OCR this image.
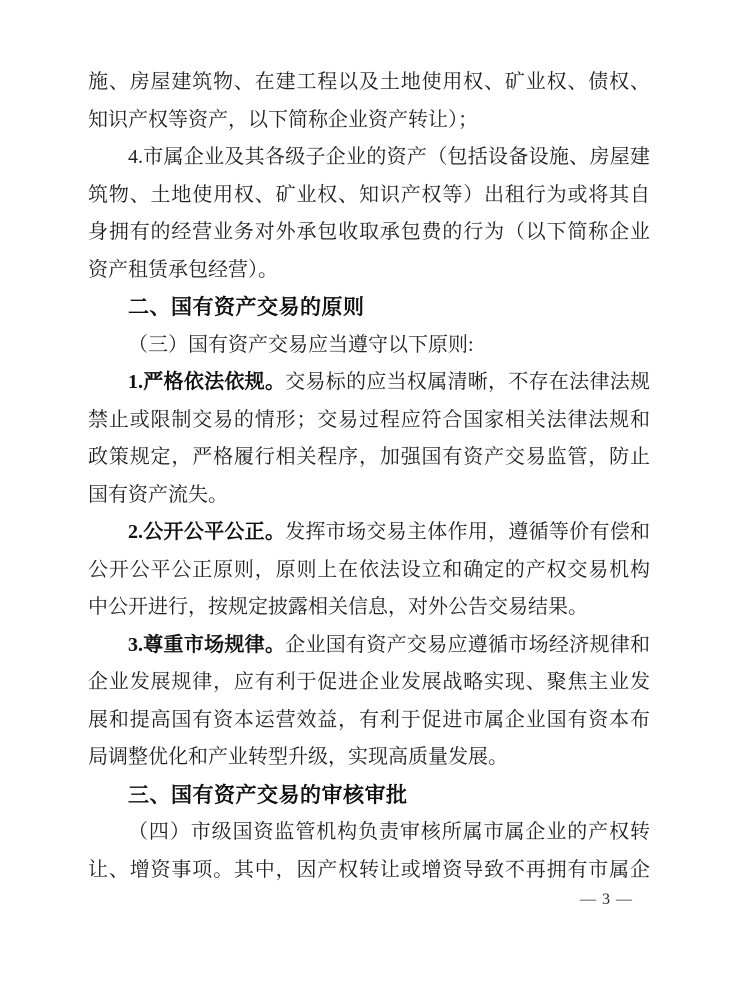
施、房屋建筑物、在建工程以及土地使用权、矿业权、债权、
知识产权等资产，以下简称企业资产转让）；
4.市属企业及其各级子企业的资产（包括设备设施、房屋建
筑物、土地使用权、矿业权、知识产权等）出租行为或将其自
身拥有的经营业务对外承包收取承包费的行为（以下简称企业
资产租赁承包经营）。
二、国有资产交易的原则
（三）国有资产交易应当遵守以下原则:
1.严格依法依规。交易标的应当权属清晰，不存在法律法规
禁止或限制交易的情形；交易过程应符合国家相关法律法规和
政策规定，严格履行相关程序，加强国有资产交易监管，防止
国有资产流失。
2.公开公平公正。发挥市场交易主体作用，遵循等价有偿和
公开公平公正原则，原则上在依法设立和确定的产权交易机构
中公开进行，按规定披露相关信息，对外公告交易结果。
3.尊重市场规律。企业国有资产交易应遵循市场经济规律和
企业发展规律，应有利于促进企业发展战略实现、聚焦主业发
展和提高国有资本运营效益，有利于促进市属企业国有资本布
局调整优化和产业转型升级，实现高质量发展。
三、国有资产交易的审核审批
（四）市级国资监管机构负责审核所属市属企业的产权转
让、增资事项。其中，因产权转让或增资导致不再拥有市属企
— 3 —
